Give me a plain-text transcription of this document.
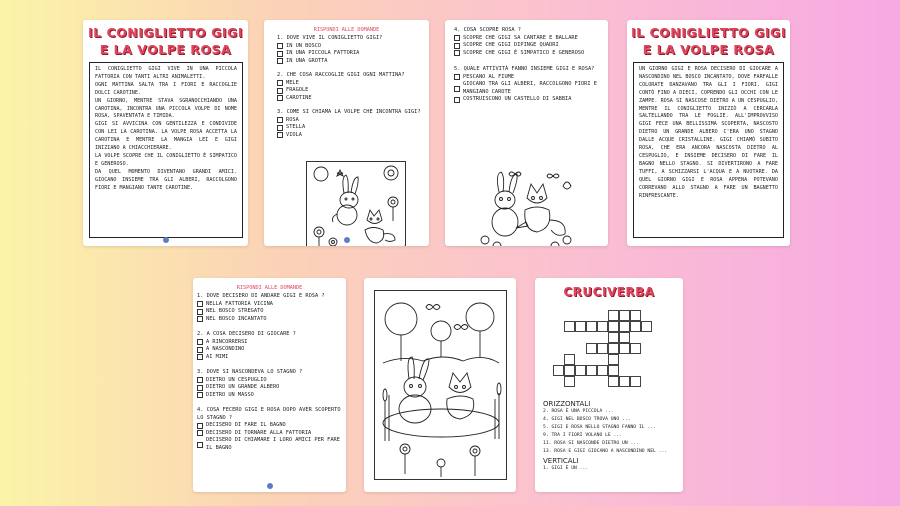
IL CONIGLIETTO GIGI
E LA VOLPE ROSA

IL CONIGLIETTO GIGI VIVE IN UNA PICCOLA FATTORIA CON TANTI ALTRI ANIMALETTI.

OGNI MATTINA SALTA TRA I FIORI E RACCOGLIE DOLCI CAROTINE.

UN GIORNO, MENTRE STAVA SGRANOCCHIANDO UNA CAROTINA, INCONTRA UNA PICCOLA VOLPE DI NOME ROSA, SPAVENTATA E TIMIDA.

GIGI SI AVVICINA CON GENTILEZZA E CONDIVIDE CON LEI LA CAROTINA. LA VOLPE ROSA ACCETTA LA CAROTINA E MENTRE LA MANGIA LEI E GIGI INIZIANO A CHIACCHIERARE.

LA VOLPE SCOPRE CHE IL CONIGLIETTO È SIMPATICO E GENEROSO.

DA QUEL MOMENTO DIVENTANO GRANDI AMICI. GIOCANO INSIEME TRA GLI ALBERI, RACCOLGONO FIORI E MANGIANO TANTE CAROTINE.

RISPONDI ALLE DOMANDE
1. DOVE VIVE IL CONIGLIETTO GIGI?
IN UN BOSCO
IN UNA PICCOLA FATTORIA
IN UNA GROTTA
2. CHE COSA RACCOGLIE GIGI OGNI MATTINA?
MELE
FRAGOLE
CAROTINE
3. COME SI CHIAMA LA VOLPE CHE INCONTRA GIGI?
ROSA
STELLA
VIOLA
4. COSA SCOPRE ROSA ?
SCOPRE CHE GIGI SA CANTARE E BALLARE
SCOPRE CHE GIGI DIPINGE QUADRI
SCOPRE CHE GIGI È SIMPATICO E GENEROSO
5. QUALE ATTIVITÀ FANNO INSIEME GIGI E ROSA?
PESCANO AL FIUME
GIOCANO TRA GLI ALBERI, RACCOLGONO FIORI E MANGIANO CAROTE
COSTRUISCONO UN CASTELLO DI SABBIA
IL CONIGLIETTO GIGI
E LA VOLPE ROSA

UN GIORNO GIGI E ROSA DECISERO DI GIOCARE A NASCONDINO NEL BOSCO INCANTATO, DOVE FARFALLE COLORATE DANZAVANO TRA GLI I FIORI. GIGI CONTÒ FINO A DIECI, COPRENDO GLI OCCHI CON LE ZAMPE. ROSA SI NASCOSE DIETRO A UN CESPUGLIO, MENTRE IL CONIGLIETTO INIZIÒ A CERCARLA SALTELLANDO TRA LE FOGLIE. ALL'IMPROVVISO GIGI FECE UNA BELLISSIMA SCOPERTA, NASCOSTO DIETRO UN GRANDE ALBERO C'ERA UNO STAGNO DALLE ACQUE CRISTALLINE. GIGI CHIAMÒ SUBITO ROSA, CHE ERA ANCORA NASCOSTA DIETRO AL CESPUGLIO, E INSIEME DECISERO DI FARE IL BAGNO NELLO STAGNO. SI DIVERTIRONO A FARE TUFFI, A SCHIZZARSI L'ACQUA E A NUOTARE. DA QUEL GIORNO GIGI E ROSA APPENA POTEVANO CORREVANO ALLO STAGNO A FARE UN BAGNETTO RINFRESCANTE.

RISPONDI ALLE DOMANDE
1. DOVE DECISERO DI ANDARE GIGI E ROSA ?
NELLA FATTORIA VICINA
NEL BOSCO STREGATO
NEL BOSCO INCANTATO
2. A COSA DECISERO DI GIOCARE ?
A RINCORRERSI
A NASCONDINO
AI MIMI
3. DOVE SI NASCONDEVA LO STAGNO ?
DIETRO UN CESPUGLIO
DIETRO UN GRANDE ALBERO
DIETRO UN MASSO
4. COSA FECERO GIGI E ROSA DOPO AVER SCOPERTO LO STAGNO ?
DECISERO DI FARE IL BAGNO
DECISERO DI TORNARE ALLA FATTORIA
DECISERO DI CHIAMARE I LORO AMICI PER FARE IL BAGNO
CRUCIVERBA
ORIZZONTALI
2. ROSA È UNA PICCOLA ...
4. GIGI NEL BOSCO TROVA UNO ...
5. GIGI E ROSA NELLO STAGNO FANNO IL ...
9. TRA I FIORI VOLANO LE ...
11. ROSA SI NASCONDE DIETRO UN ...
13. ROSA E GIGI GIOCANO A NASCONDINO NEL ...
VERTICALI
1. GIGI È UN ...
